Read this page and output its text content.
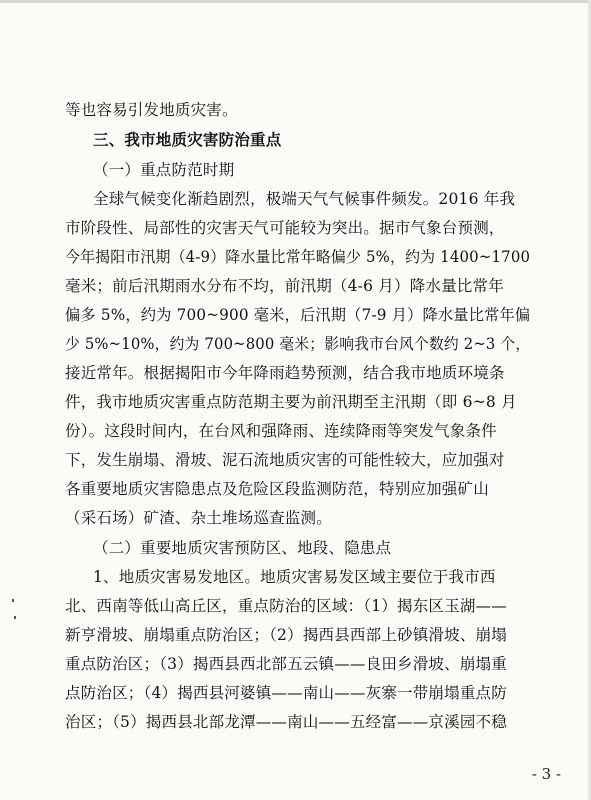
等也容易引发地质灾害。
三、我市地质灾害防治重点
（一）重点防范时期
全球气候变化渐趋剧烈，极端天气气候事件频发。2016 年我
市阶段性、局部性的灾害天气可能较为突出。据市气象台预测，
今年揭阳市汛期（4-9）降水量比常年略偏少 5%，约为 1400~1700
毫米；前后汛期雨水分布不均，前汛期（4-6 月）降水量比常年
偏多 5%，约为 700~900 毫米，后汛期（7-9 月）降水量比常年偏
少 5%~10%，约为 700~800 毫米；影响我市台风个数约 2~3 个，
接近常年。根据揭阳市今年降雨趋势预测，结合我市地质环境条
件，我市地质灾害重点防范期主要为前汛期至主汛期（即 6~8 月
份）。这段时间内，在台风和强降雨、连续降雨等突发气象条件
下，发生崩塌、滑坡、泥石流地质灾害的可能性较大，应加强对
各重要地质灾害隐患点及危险区段监测防范，特别应加强矿山
（采石场）矿渣、杂土堆场巡查监测。
（二）重要地质灾害预防区、地段、隐患点
1、地质灾害易发地区。地质灾害易发区域主要位于我市西
北、西南等低山高丘区，重点防治的区域：（1）揭东区玉湖——
新亨滑坡、崩塌重点防治区；（2）揭西县西部上砂镇滑坡、崩塌
重点防治区；（3）揭西县西北部五云镇——良田乡滑坡、崩塌重
点防治区；（4）揭西县河婆镇——南山——灰寨一带崩塌重点防
治区；（5）揭西县北部龙潭——南山——五经富——京溪园不稳
- 3 -
